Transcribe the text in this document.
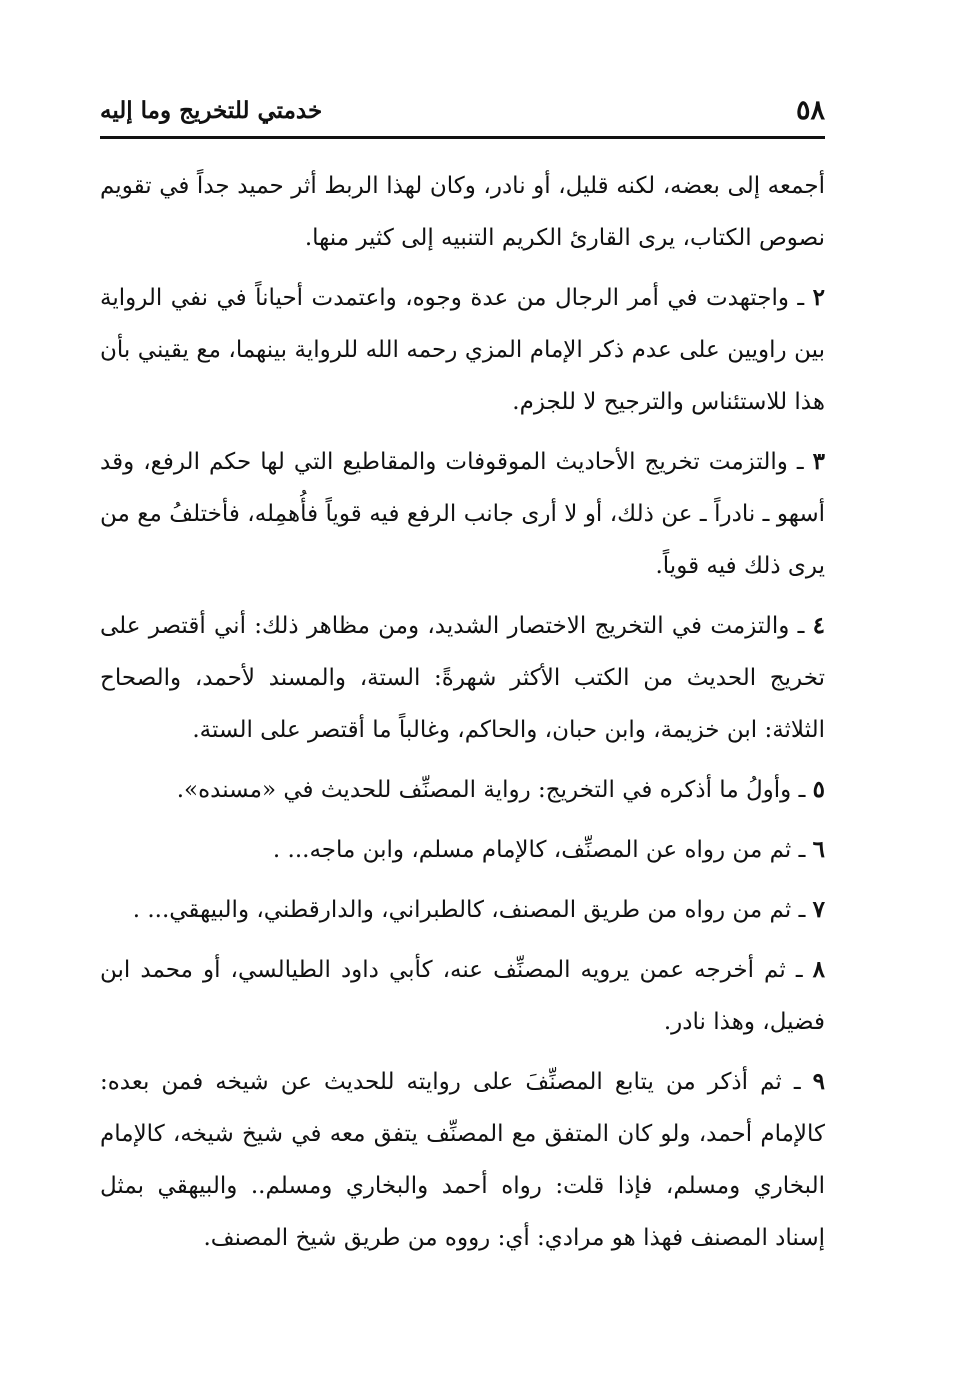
٥٨
خدمتي للتخريج وما إليه

أجمعه إلى بعضه، لكنه قليل، أو نادر، وكان لهذا الربط أثر حميد جداً في تقويم نصوص الكتاب، يرى القارئ الكريم التنبيه إلى كثير منها.

٢ ـ واجتهدت في أمر الرجال من عدة وجوه، واعتمدت أحياناً في نفي الرواية بين راويين على عدم ذكر الإمام المزي رحمه الله للرواية بينهما، مع يقيني بأن هذا للاستئناس والترجيح لا للجزم.

٣ ـ والتزمت تخريج الأحاديث الموقوفات والمقاطيع التي لها حكم الرفع، وقد أسهو ـ نادراً ـ عن ذلك، أو لا أرى جانب الرفع فيه قوياً فأُهمِله، فأختلفُ مع من يرى ذلك فيه قوياً.

٤ ـ والتزمت في التخريج الاختصار الشديد، ومن مظاهر ذلك: أني أقتصر على تخريج الحديث من الكتب الأكثر شهرةً: الستة، والمسند لأحمد، والصحاح الثلاثة: ابن خزيمة، وابن حبان، والحاكم، وغالباً ما أقتصر على الستة.

٥ ـ وأولُ ما أذكره في التخريج: رواية المصنِّف للحديث في «مسنده».

٦ ـ ثم من رواه عن المصنِّف، كالإمام مسلم، وابن ماجه... .

٧ ـ ثم من رواه من طريق المصنف، كالطبراني، والدارقطني، والبيهقي... .

٨ ـ ثم أخرجه عمن يرويه المصنِّف عنه، كأبي داود الطيالسي، أو محمد ابن فضيل، وهذا نادر.

٩ ـ ثم أذكر من يتابع المصنِّفَ على روايته للحديث عن شيخه فمن بعده: كالإمام أحمد، ولو كان المتفق مع المصنِّف يتفق معه في شيخ شيخه، كالإمام البخاري ومسلم، فإذا قلت: رواه أحمد والبخاري ومسلم.. والبيهقي بمثل إسناد المصنف فهذا هو مرادي: أي: رووه من طريق شيخ المصنف.
